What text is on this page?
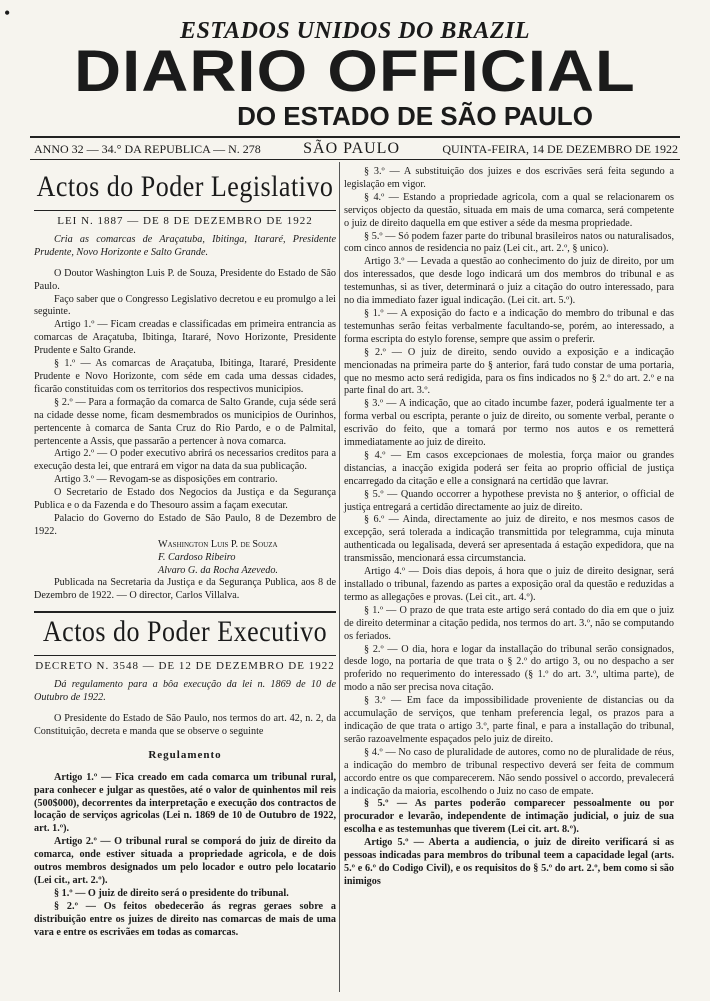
•
ESTADOS UNIDOS DO BRAZIL
DIARIO OFFICIAL
DO ESTADO DE SÃO PAULO
ANNO 32 — 34.° DA REPUBLICA — N. 278	SÃO PAULO	QUINTA-FEIRA, 14 DE DEZEMBRO DE 1922
Actos do Poder Legislativo
LEI N. 1887 — DE 8 DE DEZEMBRO DE 1922
Cria as comarcas de Araçatuba, Ibitinga, Itararé, Presidente Prudente, Novo Horizonte e Salto Grande.

O Doutor Washington Luis P. de Souza, Presidente do Estado de São Paulo.

Faço saber que o Congresso Legislativo decretou e eu promulgo a lei seguinte.

Artigo 1.º — Ficam creadas e classificadas em primeira entrancia as comarcas de Araçatuba, Ibitinga, Itararé, Novo Horizonte, Presidente Prudente e Salto Grande.

§ 1.º — As comarcas de Araçatuba, Ibitinga, Itararé, Presidente Prudente e Novo Horizonte, com séde em cada uma dessas cidades, ficarão constituidas com os territorios dos respectivos municipios.

§ 2.º — Para a formação da comarca de Salto Grande, cuja séde será na cidade desse nome, ficam desmembrados os municipios de Ourinhos, pertencente à comarca de Santa Cruz do Rio Pardo, e o de Palmital, pertencente a Assis, que passarão a pertencer à nova comarca.

Artigo 2.º — O poder executivo abrirá os necessarios creditos para a execução desta lei, que entrará em vigor na data da sua publicação.

Artigo 3.º — Revogam-se as disposições em contrario.

O Secretario de Estado dos Negocios da Justiça e da Segurança Publica e o da Fazenda e do Thesouro assim a façam executar.

Palacio do Governo do Estado de São Paulo, 8 de Dezembro de 1922.

Washington Luis P. de Souza
F. Cardoso Ribeiro
Alvaro G. da Rocha Azevedo.

Publicada na Secretaria da Justiça e da Segurança Publica, aos 8 de Dezembro de 1922. — O director, Carlos Villalva.

Actos do Poder Executivo
DECRETO N. 3548 — DE 12 DE DEZEMBRO DE 1922
Dá regulamento para a bôa execução da lei n. 1869 de 10 de Outubro de 1922.

O Presidente do Estado de São Paulo, nos termos do art. 42, n. 2, da Constituição, decreta e manda que se observe o seguinte

Regulamento

Artigo 1.º — Fica creado em cada comarca um tribunal rural, para conhecer e julgar as questões, até o valor de quinhentos mil reis (500$000), decorrentes da interpretação e execução dos contractos de locação de serviços agricolas (Lei n. 1869 de 10 de Outubro de 1922, art. 1.º).

Artigo 2.º — O tribunal rural se comporá do juiz de direito da comarca, onde estiver situada a propriedade agricola, e de dois outros membros designados um pelo locador e outro pelo locatario (Lei cit., art. 2.º).

§ 1.º — O juiz de direito será o presidente do tribunal.

§ 2.º — Os feitos obedecerão ás regras geraes sobre a distribuição entre os juizes de direito nas comarcas de mais de uma vara e entre os escrivães em todas as comarcas.

§ 3.º — A substituição dos juizes e dos escrivães será feita segundo a legislação em vigor.

§ 4.º — Estando a propriedade agricola, com a qual se relacionarem os serviços objecto da questão, situada em mais de uma comarca, será competente o juiz de direito daquella em que estiver a séde da mesma propriedade.

§ 5.º — Só podem fazer parte do tribunal brasileiros natos ou naturalisados, com cinco annos de residencia no paiz (Lei cit., art. 2.º, § unico).

Artigo 3.º — Levada a questão ao conhecimento do juiz de direito, por um dos interessados, que desde logo indicará um dos membros do tribunal e as testemunhas, si as tiver, determinará o juiz a citação do outro interessado, para no dia immediato fazer igual indicação. (Lei cit. art. 5.º).

§ 1.º — A exposição do facto e a indicação do membro do tribunal e das testemunhas serão feitas verbalmente facultando-se, porém, ao interessado, a forma escripta do estylo forense, sempre que assim o preferir.

§ 2.º — O juiz de direito, sendo ouvido a exposição e a indicação mencionadas na primeira parte do § anterior, fará tudo constar de uma portaria, que no mesmo acto será redigida, para os fins indicados no § 2.º do art. 2.º e na parte final do art. 3.º.

§ 3.º — A indicação, que ao citado incumbe fazer, poderá igualmente ter a forma verbal ou escripta, perante o juiz de direito, ou somente verbal, perante o escrivão do feito, que a tomará por termo nos autos e os remetterá immediatamente ao juiz de direito.

§ 4.º — Em casos excepcionaes de molestia, força maior ou grandes distancias, a inacção exigida poderá ser feita ao proprio official de justiça encarregado da citação e elle a consignará na certidão que lavrar.

§ 5.º — Quando occorrer a hypothese prevista no § anterior, o official de justiça entregará a certidão directamente ao juiz de direito.

§ 6.º — Ainda, directamente ao juiz de direito, e nos mesmos casos de excepção, será tolerada a indicação transmittida por telegramma, cuja minuta authenticada ou legalisada, deverá ser apresentada á estação expedidora, que na transmissão, mencionará essa circumstancia.

Artigo 4.º — Dois dias depois, á hora que o juiz de direito designar, será installado o tribunal, fazendo as partes a exposição oral da questão e reduzidas a termo as allegações e provas. (Lei cit., art. 4.º).

§ 1.º — O prazo de que trata este artigo será contado do dia em que o juiz de direito determinar a citação pedida, nos termos do art. 3.º, não se computando os feriados.

§ 2.º — O dia, hora e logar da installação do tribunal serão consignados, desde logo, na portaria de que trata o § 2.º do artigo 3, ou no despacho a ser proferido no requerimento do interessado (§ 1.º do art. 3.º, ultima parte), de modo a não ser precisa nova citação.

§ 3.º — Em face da impossibilidade proveniente de distancias ou da accumulação de serviços, que tenham preferencia legal, os prazos para a indicação de que trata o artigo 3.º, parte final, e para a installação do tribunal, serão razoavelmente espaçados pelo juiz de direito.

§ 4.º — No caso de pluralidade de autores, como no de pluralidade de réus, a indicação do membro de tribunal respectivo deverá ser feita de commum accordo entre os que comparecerem. Não sendo possivel o accordo, prevalecerá a indicação da maioria, escolhendo o Juiz no caso de empate.

§ 5.º — As partes poderão comparecer pessoalmente ou por procurador e levarão, independente de intimação judicial, o juiz de sua escolha e as testemunhas que tiverem (Lei cit. art. 8.º).

Artigo 5.º — Aberta a audiencia, o juiz de direito verificará si as pessoas indicadas para membros do tribunal teem a capacidade legal (arts. 5.º e 6.º do Codigo Civil), e os requisitos do § 5.º do art. 2.º, bem como si são inimigos
